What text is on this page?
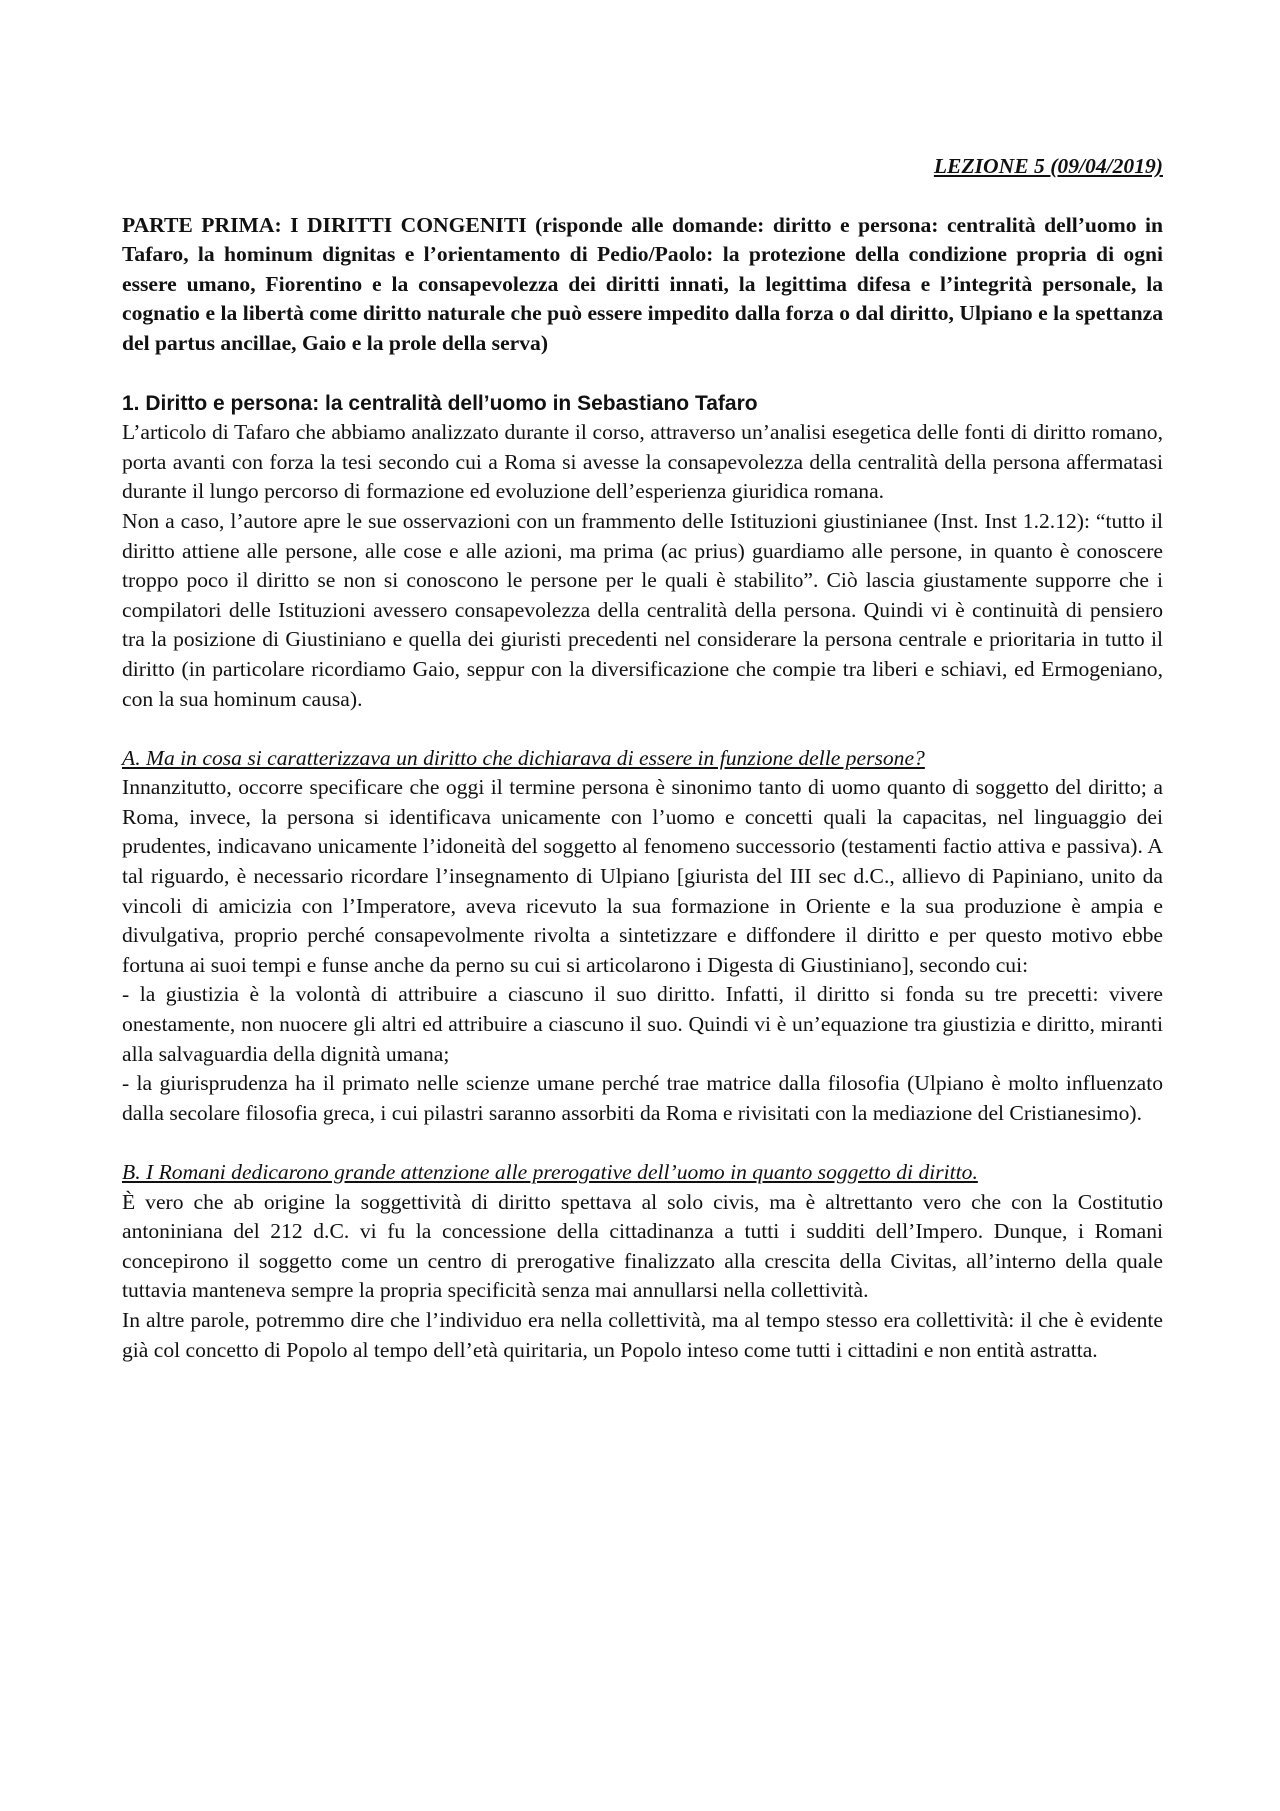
LEZIONE 5 (09/04/2019)
PARTE PRIMA: I DIRITTI CONGENITI (risponde alle domande: diritto e persona: centralità dell’uomo in Tafaro, la hominum dignitas e l’orientamento di Pedio/Paolo: la protezione della condizione propria di ogni essere umano, Fiorentino e la consapevolezza dei diritti innati, la legittima difesa e l’integrità personale, la cognatio e la libertà come diritto naturale che può essere impedito dalla forza o dal diritto, Ulpiano e la spettanza del partus ancillae, Gaio e la prole della serva)
1. Diritto e persona: la centralità dell’uomo in Sebastiano Tafaro

L’articolo di Tafaro che abbiamo analizzato durante il corso, attraverso un’analisi esegetica delle fonti di diritto romano, porta avanti con forza la tesi secondo cui a Roma si avesse la consapevolezza della centralità della persona affermatasi durante il lungo percorso di formazione ed evoluzione dell’esperienza giuridica romana.

Non a caso, l’autore apre le sue osservazioni con un frammento delle Istituzioni giustinianee (Inst. Inst 1.2.12): “tutto il diritto attiene alle persone, alle cose e alle azioni, ma prima (ac prius) guardiamo alle persone, in quanto è conoscere troppo poco il diritto se non si conoscono le persone per le quali è stabilito”. Ciò lascia giustamente supporre che i compilatori delle Istituzioni avessero consapevolezza della centralità della persona. Quindi vi è continuità di pensiero tra la posizione di Giustiniano e quella dei giuristi precedenti nel considerare la persona centrale e prioritaria in tutto il diritto (in particolare ricordiamo Gaio, seppur con la diversificazione che compie tra liberi e schiavi, ed Ermogeniano, con la sua hominum causa).

A. Ma in cosa si caratterizzava un diritto che dichiarava di essere in funzione delle persone?

Innanzitutto, occorre specificare che oggi il termine persona è sinonimo tanto di uomo quanto di soggetto del diritto; a Roma, invece, la persona si identificava unicamente con l’uomo e concetti quali la capacitas, nel linguaggio dei prudentes, indicavano unicamente l’idoneità del soggetto al fenomeno successorio (testamenti factio attiva e passiva). A tal riguardo, è necessario ricordare l’insegnamento di Ulpiano [giurista del III sec d.C., allievo di Papiniano, unito da vincoli di amicizia con l’Imperatore, aveva ricevuto la sua formazione in Oriente e la sua produzione è ampia e divulgativa, proprio perché consapevolmente rivolta a sintetizzare e diffondere il diritto e per questo motivo ebbe fortuna ai suoi tempi e funse anche da perno su cui si articolarono i Digesta di Giustiniano], secondo cui:

- la giustizia è la volontà di attribuire a ciascuno il suo diritto. Infatti, il diritto si fonda su tre precetti: vivere onestamente, non nuocere gli altri ed attribuire a ciascuno il suo. Quindi vi è un’equazione tra giustizia e diritto, miranti alla salvaguardia della dignità umana;

- la giurisprudenza ha il primato nelle scienze umane perché trae matrice dalla filosofia (Ulpiano è molto influenzato dalla secolare filosofia greca, i cui pilastri saranno assorbiti da Roma e rivisitati con la mediazione del Cristianesimo).

B. I Romani dedicarono grande attenzione alle prerogative dell’uomo in quanto soggetto di diritto.

È vero che ab origine la soggettività di diritto spettava al solo civis, ma è altrettanto vero che con la Costitutio antoniniana del 212 d.C. vi fu la concessione della cittadinanza a tutti i sudditi dell’Impero. Dunque, i Romani concepirono il soggetto come un centro di prerogative finalizzato alla crescita della Civitas, all’interno della quale tuttavia manteneva sempre la propria specificità senza mai annullarsi nella collettività.

In altre parole, potremmo dire che l’individuo era nella collettività, ma al tempo stesso era collettività: il che è evidente già col concetto di Popolo al tempo dell’età quiritaria, un Popolo inteso come tutti i cittadini e non entità astratta.
